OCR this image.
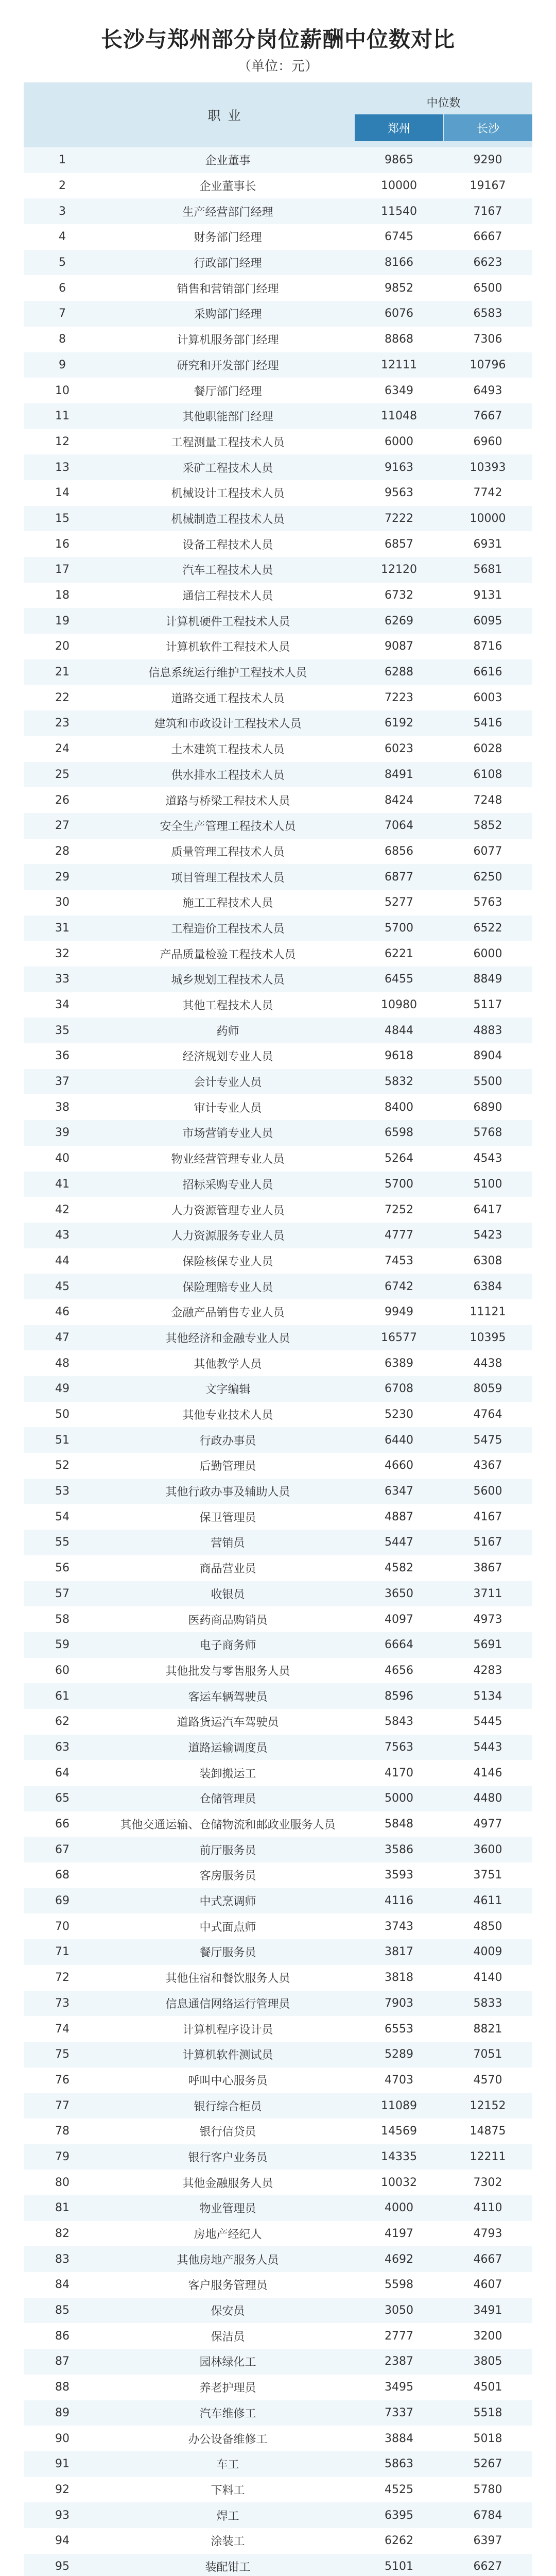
长沙与郑州部分岗位薪酬中位数对比
（单位：元）
职业
中位数
郑州	长沙
1	企业董事	9865	9290
2	企业董事长	10000	19167
3	生产经营部门经理	11540	7167
4	财务部门经理	6745	6667
5	行政部门经理	8166	6623
6	销售和营销部门经理	9852	6500
7	采购部门经理	6076	6583
8	计算机服务部门经理	8868	7306
9	研究和开发部门经理	12111	10796
10	餐厅部门经理	6349	6493
11	其他职能部门经理	11048	7667
12	工程测量工程技术人员	6000	6960
13	采矿工程技术人员	9163	10393
14	机械设计工程技术人员	9563	7742
15	机械制造工程技术人员	7222	10000
16	设备工程技术人员	6857	6931
17	汽车工程技术人员	12120	5681
18	通信工程技术人员	6732	9131
19	计算机硬件工程技术人员	6269	6095
20	计算机软件工程技术人员	9087	8716
21	信息系统运行维护工程技术人员	6288	6616
22	道路交通工程技术人员	7223	6003
23	建筑和市政设计工程技术人员	6192	5416
24	土木建筑工程技术人员	6023	6028
25	供水排水工程技术人员	8491	6108
26	道路与桥梁工程技术人员	8424	7248
27	安全生产管理工程技术人员	7064	5852
28	质量管理工程技术人员	6856	6077
29	项目管理工程技术人员	6877	6250
30	施工工程技术人员	5277	5763
31	工程造价工程技术人员	5700	6522
32	产品质量检验工程技术人员	6221	6000
33	城乡规划工程技术人员	6455	8849
34	其他工程技术人员	10980	5117
35	药师	4844	4883
36	经济规划专业人员	9618	8904
37	会计专业人员	5832	5500
38	审计专业人员	8400	6890
39	市场营销专业人员	6598	5768
40	物业经营管理专业人员	5264	4543
41	招标采购专业人员	5700	5100
42	人力资源管理专业人员	7252	6417
43	人力资源服务专业人员	4777	5423
44	保险核保专业人员	7453	6308
45	保险理赔专业人员	6742	6384
46	金融产品销售专业人员	9949	11121
47	其他经济和金融专业人员	16577	10395
48	其他教学人员	6389	4438
49	文字编辑	6708	8059
50	其他专业技术人员	5230	4764
51	行政办事员	6440	5475
52	后勤管理员	4660	4367
53	其他行政办事及辅助人员	6347	5600
54	保卫管理员	4887	4167
55	营销员	5447	5167
56	商品营业员	4582	3867
57	收银员	3650	3711
58	医药商品购销员	4097	4973
59	电子商务师	6664	5691
60	其他批发与零售服务人员	4656	4283
61	客运车辆驾驶员	8596	5134
62	道路货运汽车驾驶员	5843	5445
63	道路运输调度员	7563	5443
64	装卸搬运工	4170	4146
65	仓储管理员	5000	4480
66	其他交通运输、仓储物流和邮政业服务人员	5848	4977
67	前厅服务员	3586	3600
68	客房服务员	3593	3751
69	中式烹调师	4116	4611
70	中式面点师	3743	4850
71	餐厅服务员	3817	4009
72	其他住宿和餐饮服务人员	3818	4140
73	信息通信网络运行管理员	7903	5833
74	计算机程序设计员	6553	8821
75	计算机软件测试员	5289	7051
76	呼叫中心服务员	4703	4570
77	银行综合柜员	11089	12152
78	银行信贷员	14569	14875
79	银行客户业务员	14335	12211
80	其他金融服务人员	10032	7302
81	物业管理员	4000	4110
82	房地产经纪人	4197	4793
83	其他房地产服务人员	4692	4667
84	客户服务管理员	5598	4607
85	保安员	3050	3491
86	保洁员	2777	3200
87	园林绿化工	2387	3805
88	养老护理员	3495	4501
89	汽车维修工	7337	5518
90	办公设备维修工	3884	5018
91	车工	5863	5267
92	下料工	4525	5780
93	焊工	6395	6784
94	涂装工	6262	6397
95	装配钳工	5101	6627
